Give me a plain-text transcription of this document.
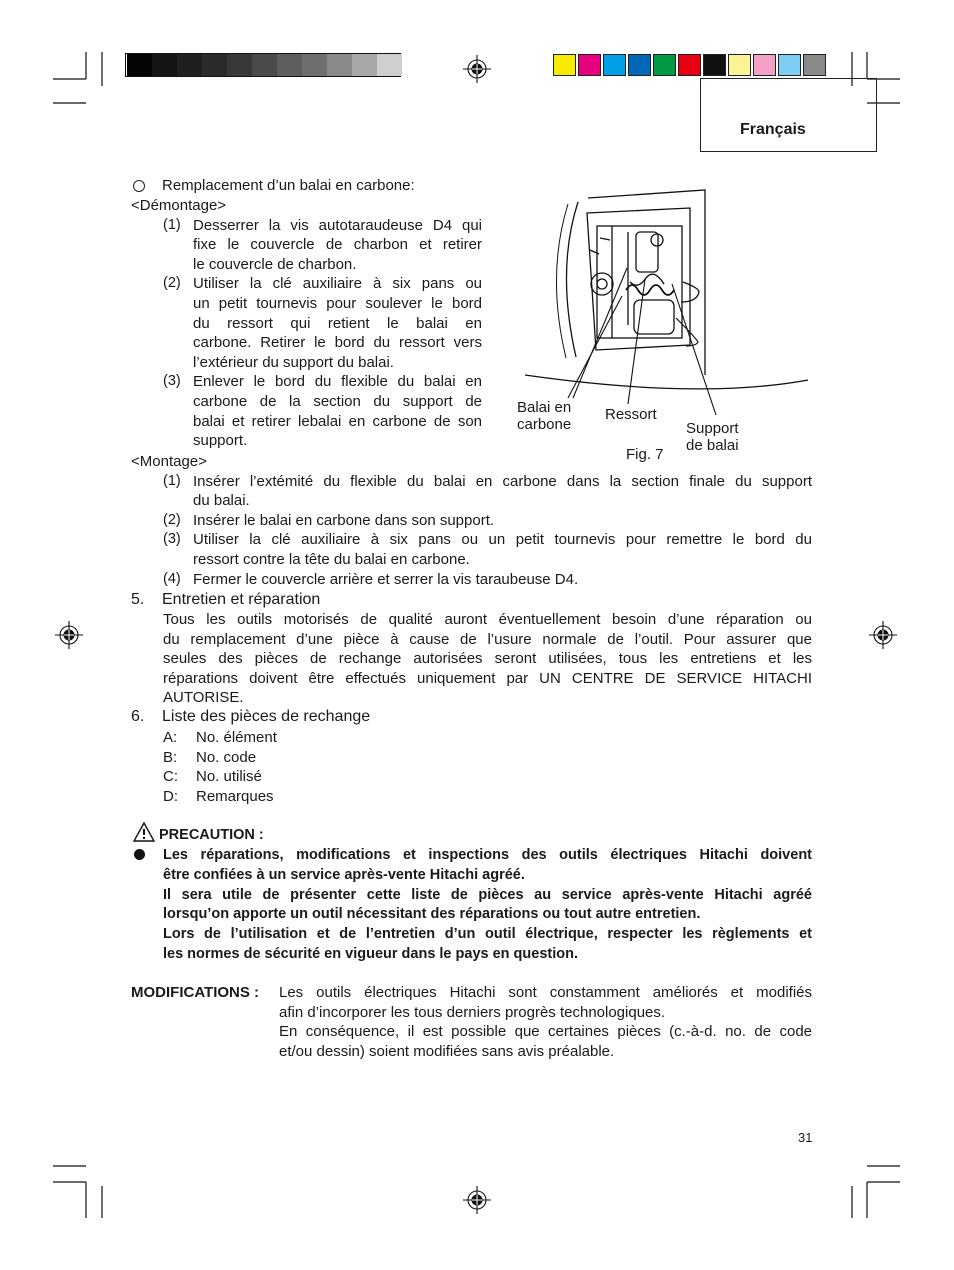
Français
Remplacement d’un balai en carbone:
<Démontage>
(1) Desserrer la vis autotaraudeuse D4 qui
fixe le couvercle de charbon et retirer
le couvercle de charbon.
(2) Utiliser la clé auxiliaire à six pans ou
un petit tournevis pour soulever le bord
du ressort qui retient le balai en
carbone. Retirer le bord du ressort vers
l’extérieur du support du balai.
(3) Enlever le bord du flexible du balai en
carbone de la section du support de
balai et retirer lebalai en carbone de son
support.
<Montage>
(1) Insérer l’extémité du flexible du balai en carbone dans la section finale du support
du balai.
(2) Insérer le balai en carbone dans son support.
(3) Utiliser la clé auxiliaire à six pans ou un petit tournevis pour remettre le bord du
ressort contre la tête du balai en carbone.
(4) Fermer le couvercle arrière et serrer la vis taraubeuse D4.
Balai en
carbone
Ressort
Support
de balai
Fig. 7
5. Entretien et réparation
Tous les outils motorisés de qualité auront éventuellement besoin d’une réparation ou
du remplacement d’une pièce à cause de l’usure normale de l’outil. Pour assurer que
seules des pièces de rechange autorisées seront utilisées, tous les entretiens et les
réparations doivent être effectués uniquement par UN CENTRE DE SERVICE HITACHI
AUTORISE.
6. Liste des pièces de rechange
A: No. élément
B: No. code
C: No. utilisé
D: Remarques
PRECAUTION :
Les réparations, modifications et inspections des outils électriques Hitachi doivent
être confiées à un service après-vente Hitachi agréé.
Il sera utile de présenter cette liste de pièces au service après-vente Hitachi agréé
lorsqu’on apporte un outil nécessitant des réparations ou tout autre entretien.
Lors de l’utilisation et de l’entretien d’un outil électrique, respecter les règlements et
les normes de sécurité en vigueur dans le pays en question.
MODIFICATIONS : Les outils électriques Hitachi sont constamment améliorés et modifiés
afin d’incorporer les tous derniers progrès technologiques.
En conséquence, il est possible que certaines pièces (c.-à-d. no. de code
et/ou dessin) soient modifiées sans avis préalable.
31
